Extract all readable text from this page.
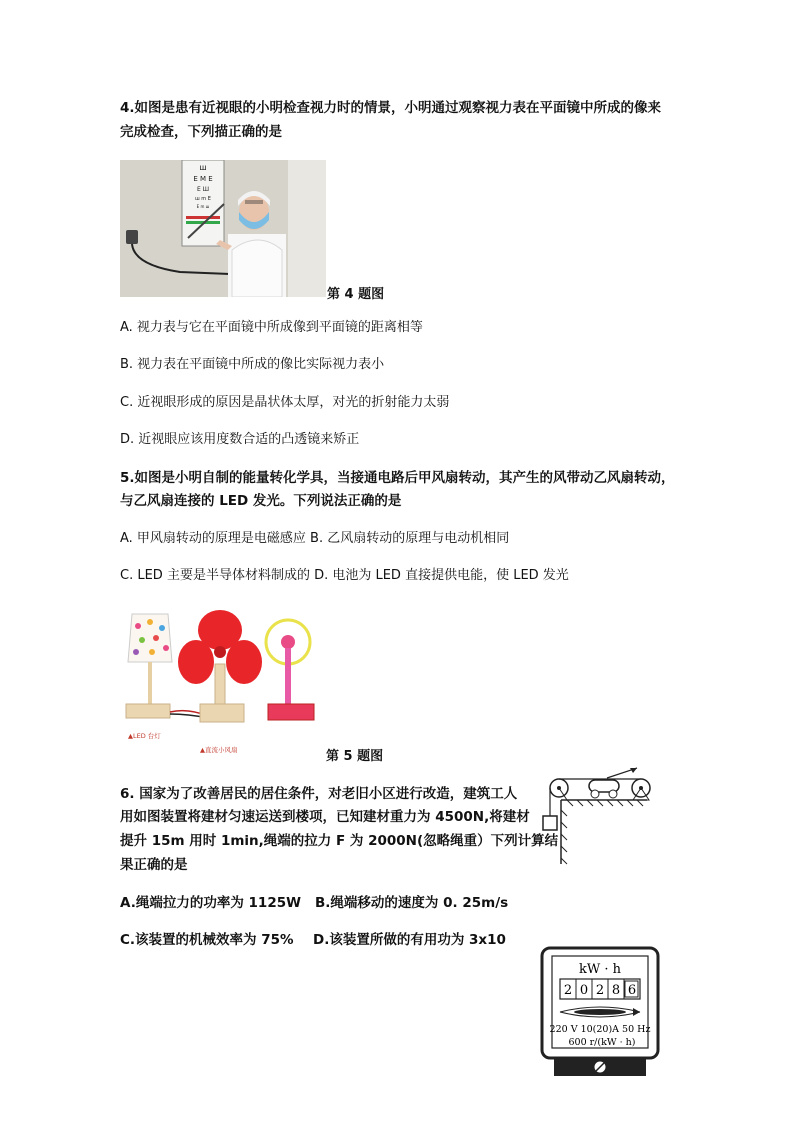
4.如图是患有近视眼的小明检查视力时的情景，小明通过观察视力表在平面镜中所成的像来
完成检查，下列描正确的是
ш
E M E
E Ш
ш m E
E m ш
第 4 题图
A. 视力表与它在平面镜中所成像到平面镜的距离相等
B. 视力表在平面镜中所成的像比实际视力表小
C. 近视眼形成的原因是晶状体太厚，对光的折射能力太弱
D. 近视眼应该用度数合适的凸透镜来矫正
5.如图是小明自制的能量转化学具，当接通电路后甲风扇转动，其产生的风带动乙风扇转动，
与乙风扇连接的 LED 发光。下列说法正确的是
A. 甲风扇转动的原理是电磁感应 B. 乙风扇转动的原理与电动机相同
C. LED 主要是半导体材料制成的 D. 电池为 LED 直接提供电能，使 LED 发光
▲LED 台灯
▲直流小风扇	第 5 题图
6. 国家为了改善居民的居住条件，对老旧小区进行改造，建筑工人
用如图装置将建材匀速运送到楼项，已知建材重力为 4500N,将建材
提升 15m 用时 1min,绳端的拉力 F 为 2000N(忽略绳重）下列计算结
果正确的是
A.绳端拉力的功率为 1125W B.绳端移动的速度为 0. 25m/s
C.该装置的机械效率为 75% D.该装置所做的有用功为 3x10
kW · h
2 0 2 8 6
220 V 10(20)A 50 Hz
600 r/(kW · h)
